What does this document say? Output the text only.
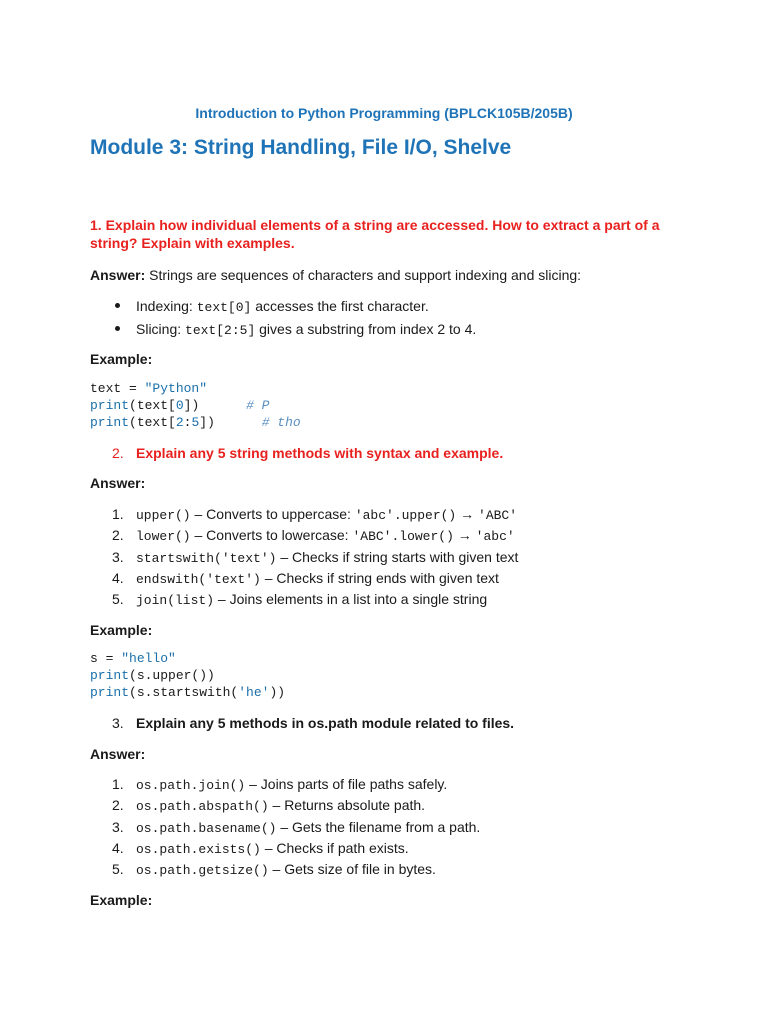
Introduction to Python Programming (BPLCK105B/205B)
Module 3: String Handling, File I/O, Shelve
1. Explain how individual elements of a string are accessed. How to extract a part of a string? Explain with examples.
Answer: Strings are sequences of characters and support indexing and slicing:
Indexing: text[0] accesses the first character.
Slicing: text[2:5] gives a substring from index 2 to 4.
Example:
text = "Python"
print(text[0])	# P
print(text[2:5])	# tho
2. Explain any 5 string methods with syntax and example.
Answer:
1. upper() – Converts to uppercase: 'abc'.upper() → 'ABC'
2. lower() – Converts to lowercase: 'ABC'.lower() → 'abc'
3. startswith('text') – Checks if string starts with given text
4. endswith('text') – Checks if string ends with given text
5. join(list) – Joins elements in a list into a single string
Example:
s = "hello"
print(s.upper())
print(s.startswith('he'))
3. Explain any 5 methods in os.path module related to files.
Answer:
1. os.path.join() – Joins parts of file paths safely.
2. os.path.abspath() – Returns absolute path.
3. os.path.basename() – Gets the filename from a path.
4. os.path.exists() – Checks if path exists.
5. os.path.getsize() – Gets size of file in bytes.
Example:
